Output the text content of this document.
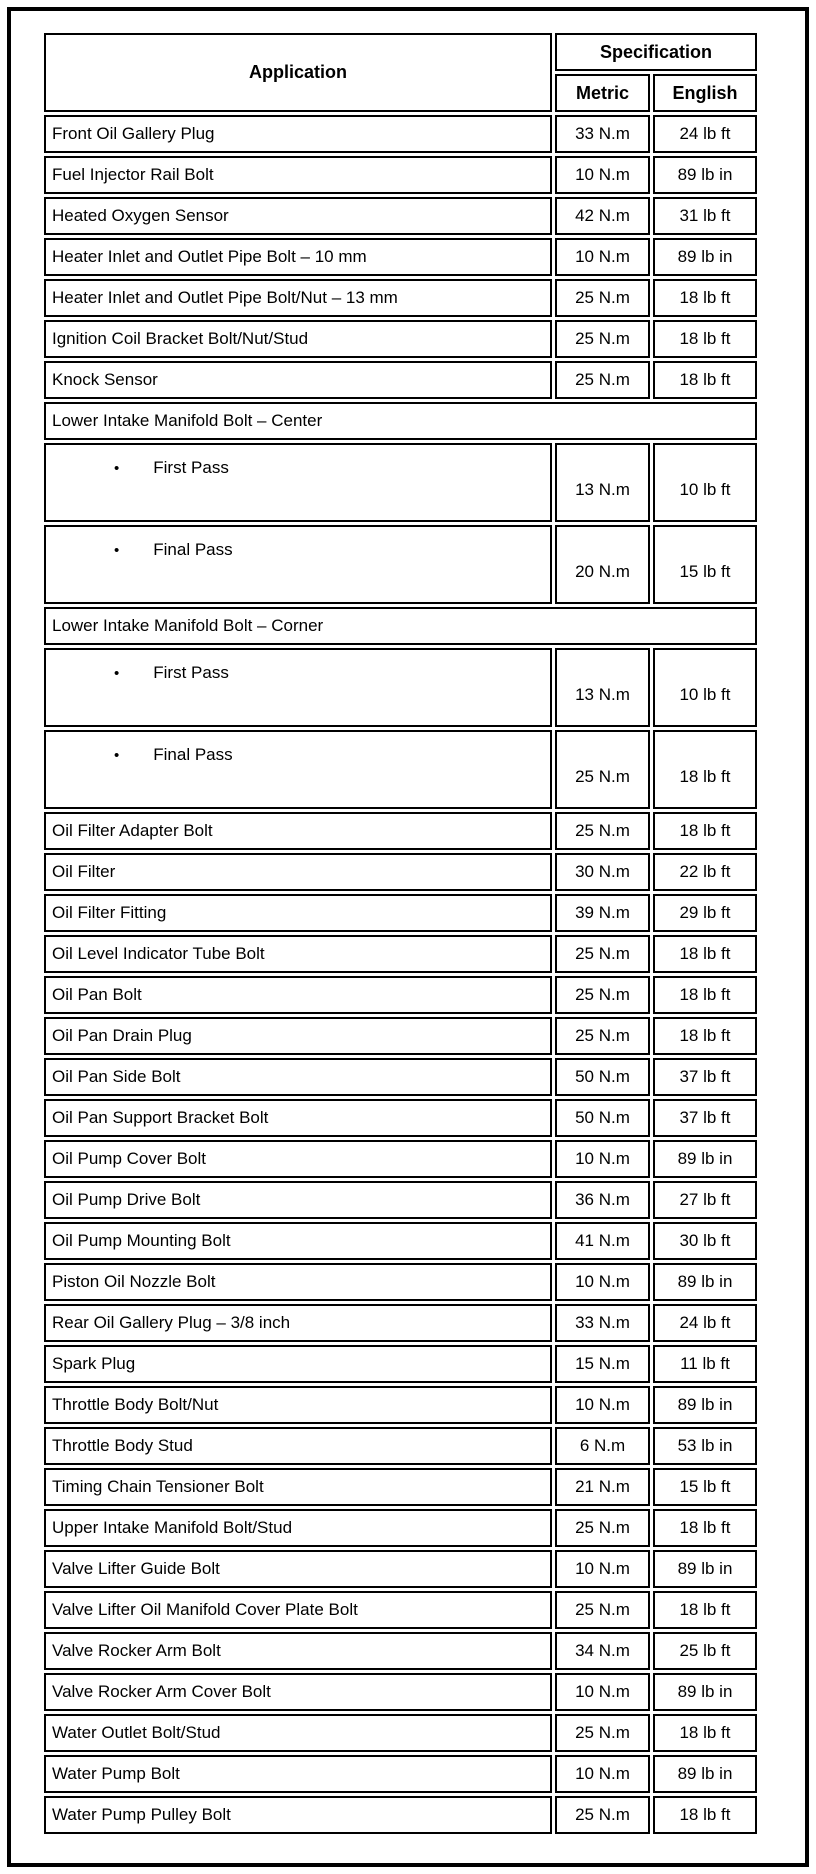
Application	Specification	
	Metric	English
Front Oil Gallery Plug	33 N.m	24 lb ft
Fuel Injector Rail Bolt	10 N.m	89 lb in
Heated Oxygen Sensor	42 N.m	31 lb ft
Heater Inlet and Outlet Pipe Bolt – 10 mm	10 N.m	89 lb in
Heater Inlet and Outlet Pipe Bolt/Nut – 13 mm	25 N.m	18 lb ft
Ignition Coil Bracket Bolt/Nut/Stud	25 N.m	18 lb ft
Knock Sensor	25 N.m	18 lb ft
Lower Intake Manifold Bolt – Center		
• First Pass	13 N.m	10 lb ft
• Final Pass	20 N.m	15 lb ft
Lower Intake Manifold Bolt – Corner		
• First Pass	13 N.m	10 lb ft
• Final Pass	25 N.m	18 lb ft
Oil Filter Adapter Bolt	25 N.m	18 lb ft
Oil Filter	30 N.m	22 lb ft
Oil Filter Fitting	39 N.m	29 lb ft
Oil Level Indicator Tube Bolt	25 N.m	18 lb ft
Oil Pan Bolt	25 N.m	18 lb ft
Oil Pan Drain Plug	25 N.m	18 lb ft
Oil Pan Side Bolt	50 N.m	37 lb ft
Oil Pan Support Bracket Bolt	50 N.m	37 lb ft
Oil Pump Cover Bolt	10 N.m	89 lb in
Oil Pump Drive Bolt	36 N.m	27 lb ft
Oil Pump Mounting Bolt	41 N.m	30 lb ft
Piston Oil Nozzle Bolt	10 N.m	89 lb in
Rear Oil Gallery Plug – 3/8 inch	33 N.m	24 lb ft
Spark Plug	15 N.m	11 lb ft
Throttle Body Bolt/Nut	10 N.m	89 lb in
Throttle Body Stud	6 N.m	53 lb in
Timing Chain Tensioner Bolt	21 N.m	15 lb ft
Upper Intake Manifold Bolt/Stud	25 N.m	18 lb ft
Valve Lifter Guide Bolt	10 N.m	89 lb in
Valve Lifter Oil Manifold Cover Plate Bolt	25 N.m	18 lb ft
Valve Rocker Arm Bolt	34 N.m	25 lb ft
Valve Rocker Arm Cover Bolt	10 N.m	89 lb in
Water Outlet Bolt/Stud	25 N.m	18 lb ft
Water Pump Bolt	10 N.m	89 lb in
Water Pump Pulley Bolt	25 N.m	18 lb ft
